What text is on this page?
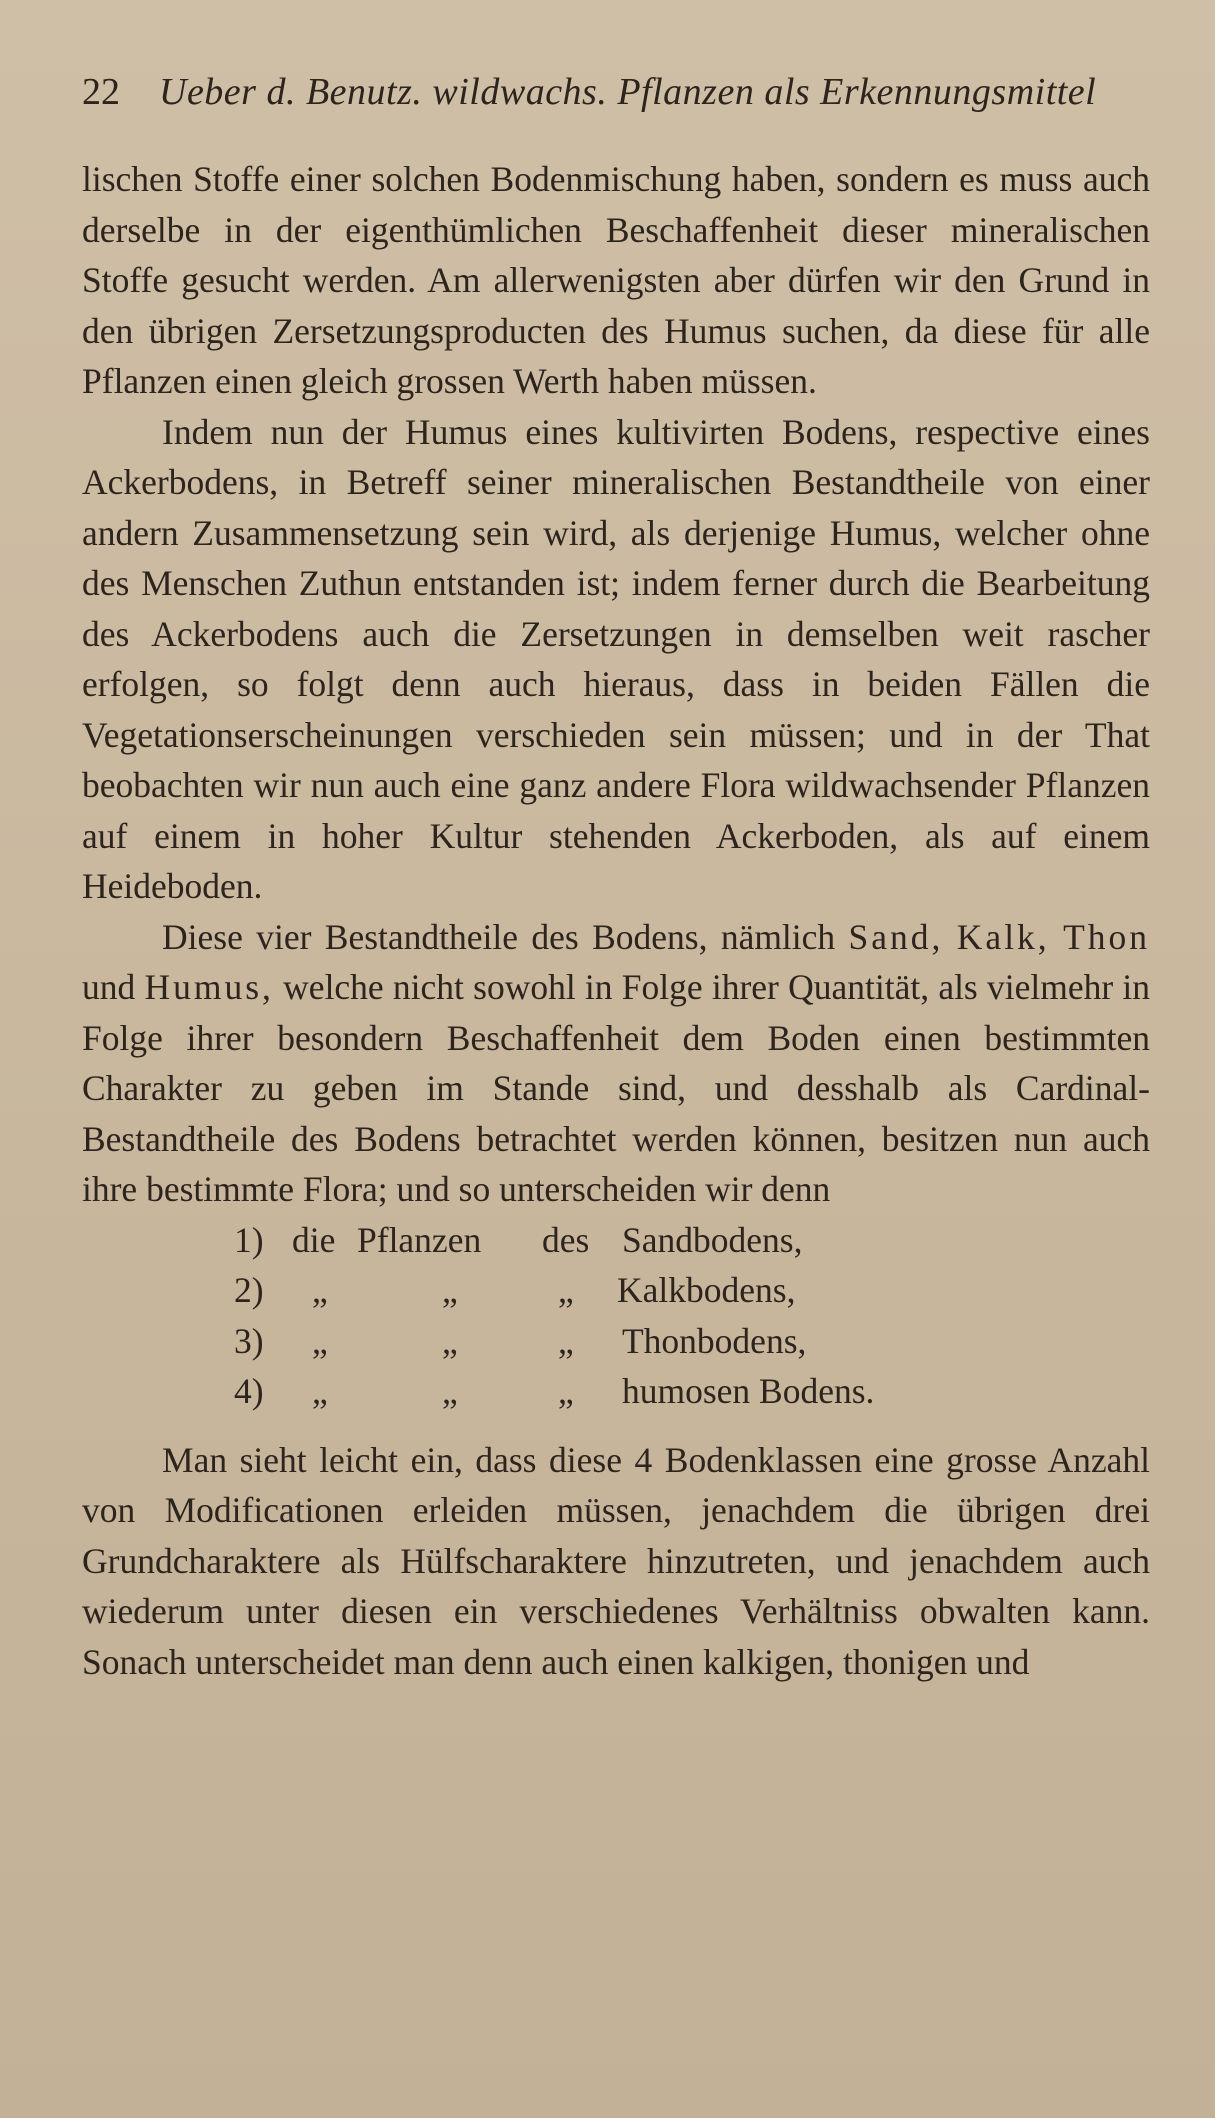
22 Ueber d. Benutz. wildwachs. Pflanzen als Erkennungsmittel

lischen Stoffe einer solchen Bodenmischung haben, sondern es muss auch derselbe in der eigenthümlichen Beschaffenheit dieser mineralischen Stoffe gesucht werden. Am allerwenigsten aber dürfen wir den Grund in den übrigen Zersetzungsproducten des Humus suchen, da diese für alle Pflanzen einen gleich grossen Werth haben müssen.

Indem nun der Humus eines kultivirten Bodens, respective eines Ackerbodens, in Betreff seiner mineralischen Bestandtheile von einer andern Zusammensetzung sein wird, als derjenige Humus, welcher ohne des Menschen Zuthun entstanden ist; indem ferner durch die Bearbeitung des Ackerbodens auch die Zersetzungen in demselben weit rascher erfolgen, so folgt denn auch hieraus, dass in beiden Fällen die Vegetationserscheinungen verschieden sein müssen; und in der That beobachten wir nun auch eine ganz andere Flora wildwachsender Pflanzen auf einem in hoher Kultur stehenden Ackerboden, als auf einem Heideboden.

Diese vier Bestandtheile des Bodens, nämlich Sand, Kalk, Thon und Humus, welche nicht sowohl in Folge ihrer Quantität, als vielmehr in Folge ihrer besondern Beschaffenheit dem Boden einen bestimmten Charakter zu geben im Stande sind, und desshalb als Cardinal-Bestandtheile des Bodens betrachtet werden können, besitzen nun auch ihre bestimmte Flora; und so unterscheiden wir denn

1) die Pflanzen des Sandbodens,
2) „	„	„ Kalkbodens,
3) „	„	„ Thonbodens,
4) „	„	„ humosen Bodens.

Man sieht leicht ein, dass diese 4 Bodenklassen eine grosse Anzahl von Modificationen erleiden müssen, jenachdem die übrigen drei Grundcharaktere als Hülfscharaktere hinzutreten, und jenachdem auch wiederum unter diesen ein verschiedenes Verhältniss obwalten kann. Sonach unterscheidet man denn auch einen kalkigen, thonigen und
